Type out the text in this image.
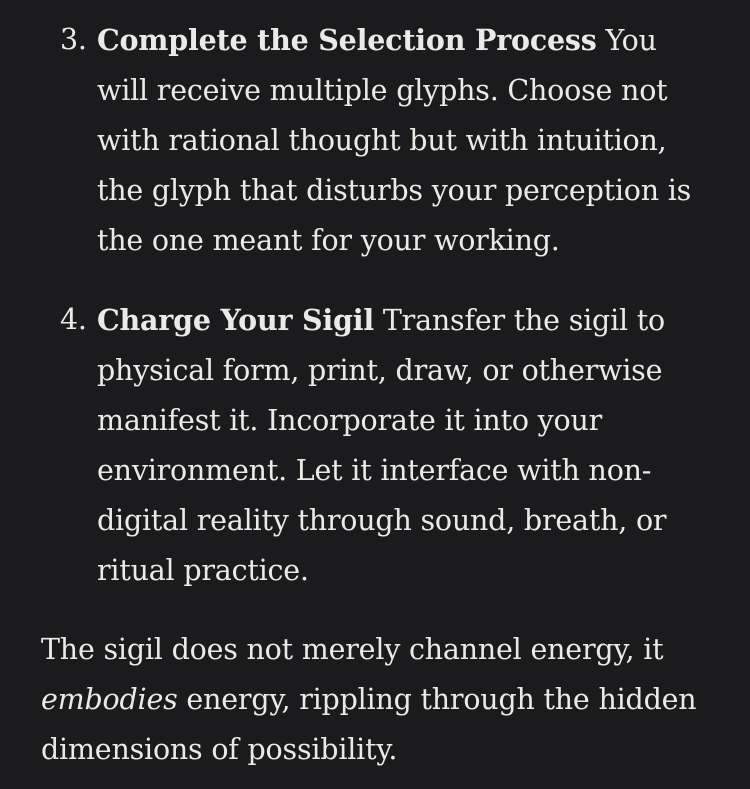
3. Complete the Selection Process You will receive multiple glyphs. Choose not with rational thought but with intuition, the glyph that disturbs your perception is the one meant for your working.
4. Charge Your Sigil Transfer the sigil to physical form, print, draw, or otherwise manifest it. Incorporate it into your environment. Let it interface with non-digital reality through sound, breath, or ritual practice.

The sigil does not merely channel energy, it embodies energy, rippling through the hidden dimensions of possibility.
